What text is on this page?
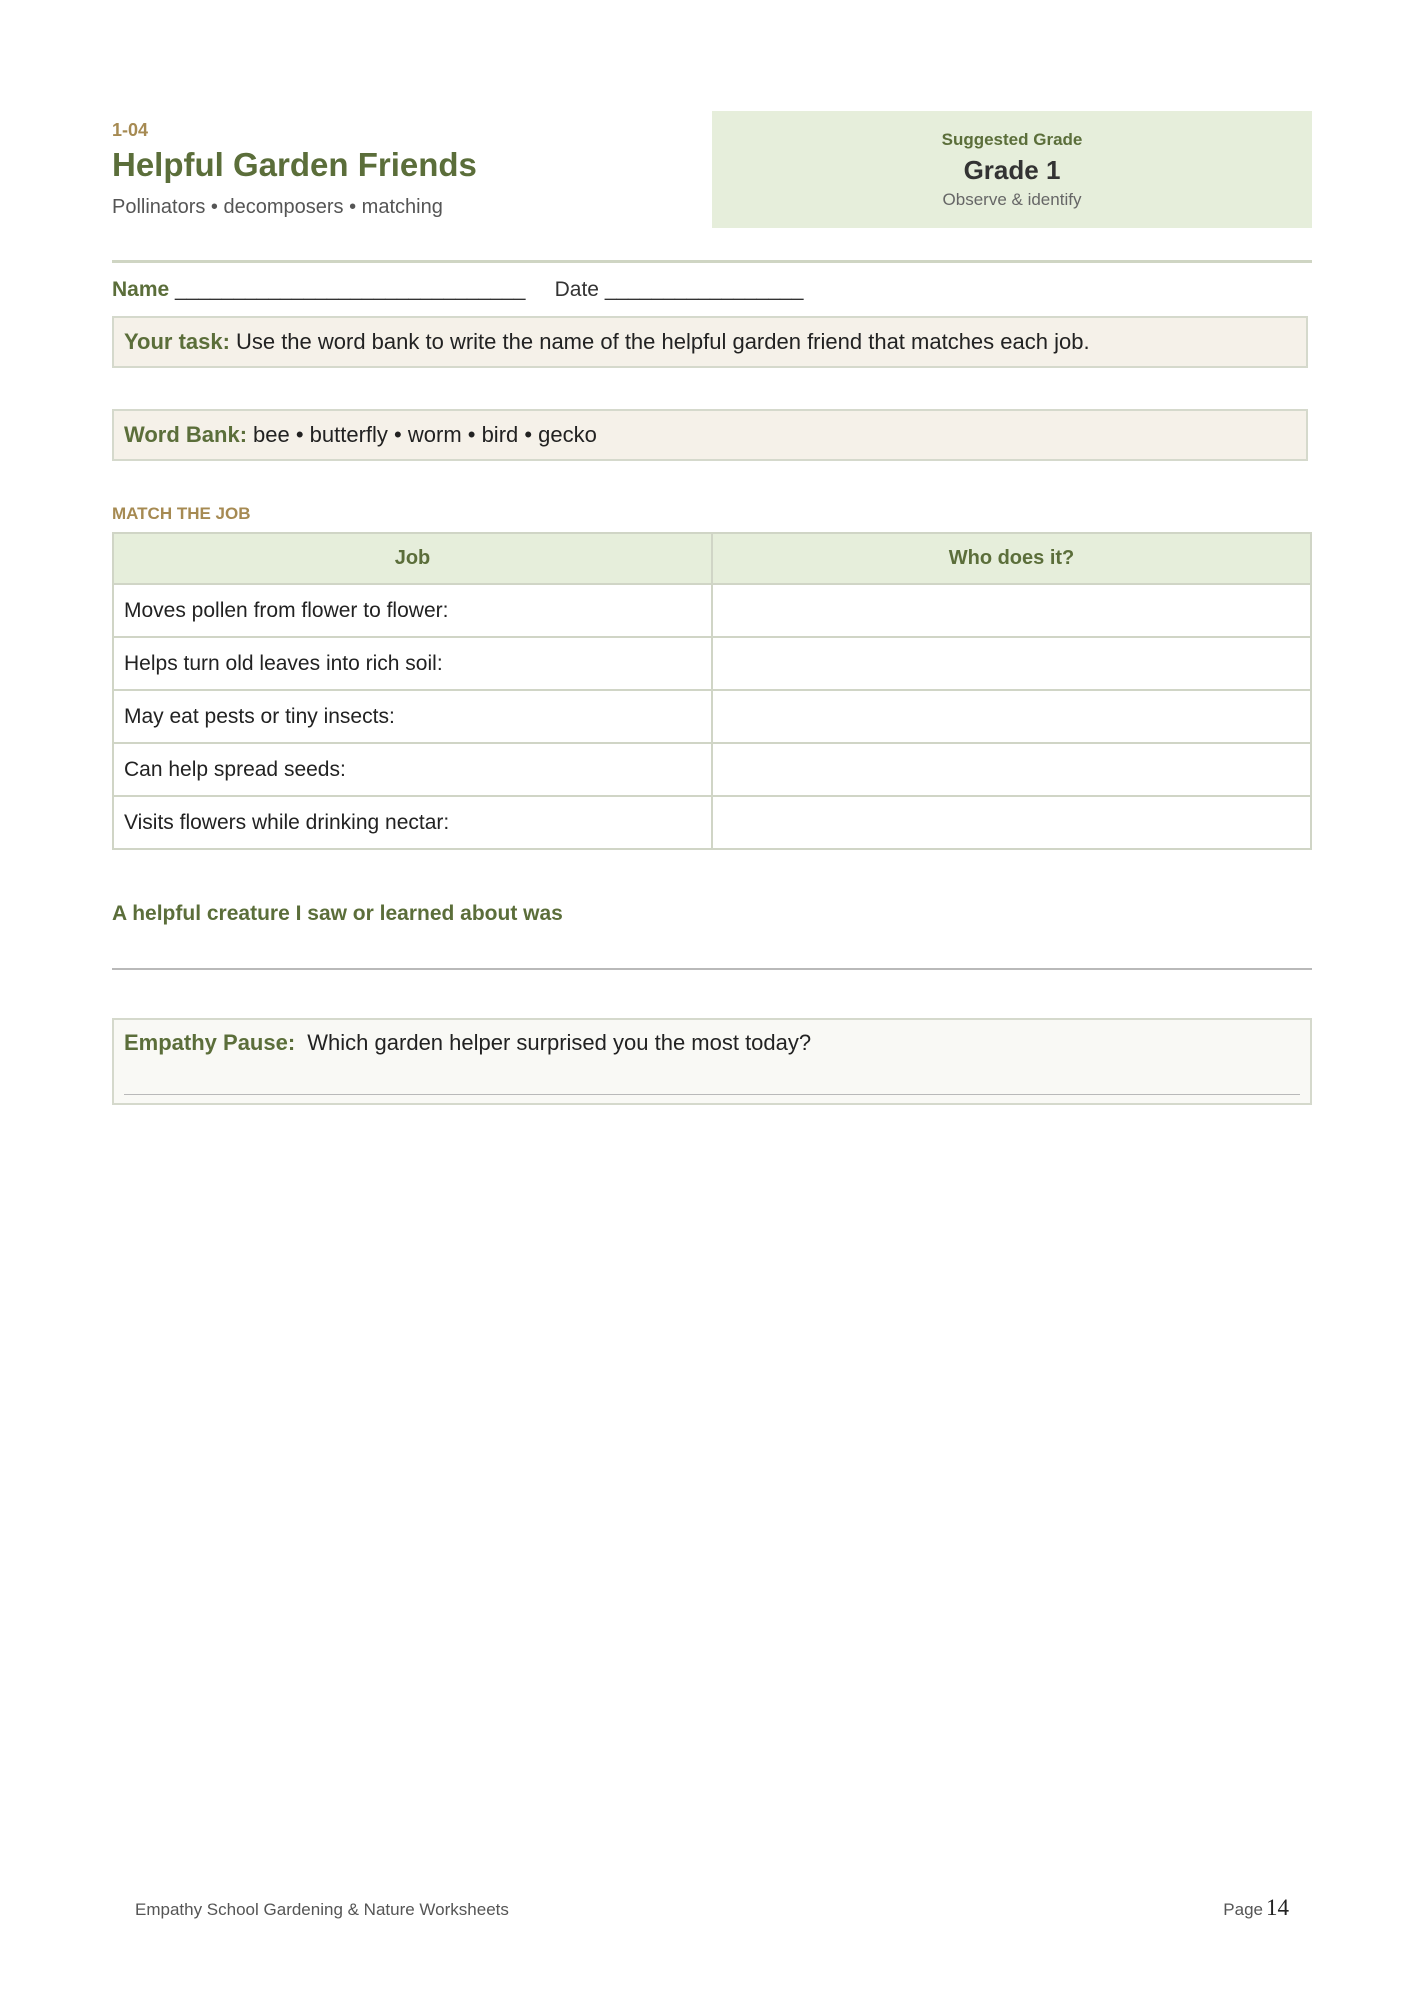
1-04
Helpful Garden Friends
Pollinators • decomposers • matching
Suggested Grade
Grade 1
Observe & identify
Name ______________________________ Date _________________
Your task: Use the word bank to write the name of the helpful garden friend that matches each job.
Word Bank: bee • butterfly • worm • bird • gecko
MATCH THE JOB
Job	Who does it?
Moves pollen from flower to flower:	
Helps turn old leaves into rich soil:	
May eat pests or tiny insects:	
Can help spread seeds:	
Visits flowers while drinking nectar:	
A helpful creature I saw or learned about was
Empathy Pause: Which garden helper surprised you the most today?
Empathy School Gardening & Nature Worksheets	Page 14
